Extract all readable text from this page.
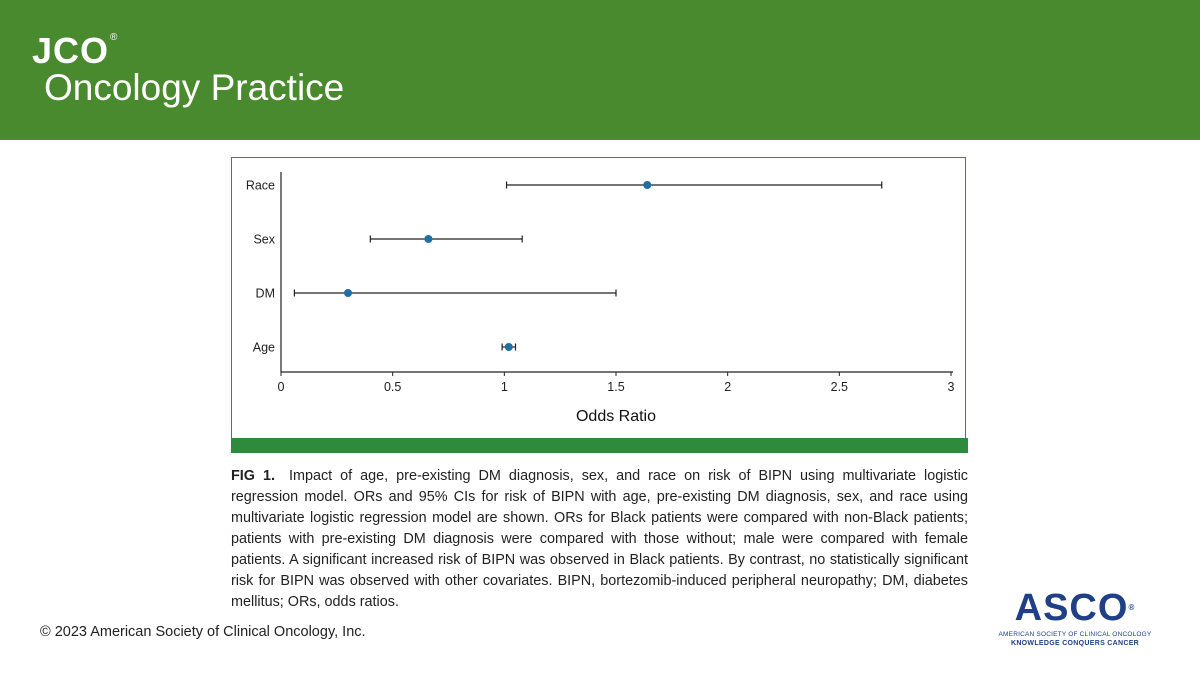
JCO ®
Oncology Practice
0	0.5	1	1.5	2	2.5	3
Odds Ratio
Race
Sex
DM
Age
FIG 1. Impact of age, pre-existing DM diagnosis, sex, and race on risk of BIPN using multivariate logistic regression model. ORs and 95% CIs for risk of BIPN with age, pre-existing DM diagnosis, sex, and race using multivariate logistic regression model are shown. ORs for Black patients were compared with non-Black patients; patients with pre-existing DM diagnosis were compared with those without; male were compared with female patients. A significant increased risk of BIPN was observed in Black patients. By contrast, no statistically significant risk for BIPN was observed with other covariates. BIPN, bortezomib-induced peripheral neuropathy; DM, diabetes mellitus; ORs, odds ratios.
© 2023 American Society of Clinical Oncology, Inc.
ASCO®
AMERICAN SOCIETY OF CLINICAL ONCOLOGY
KNOWLEDGE CONQUERS CANCER
